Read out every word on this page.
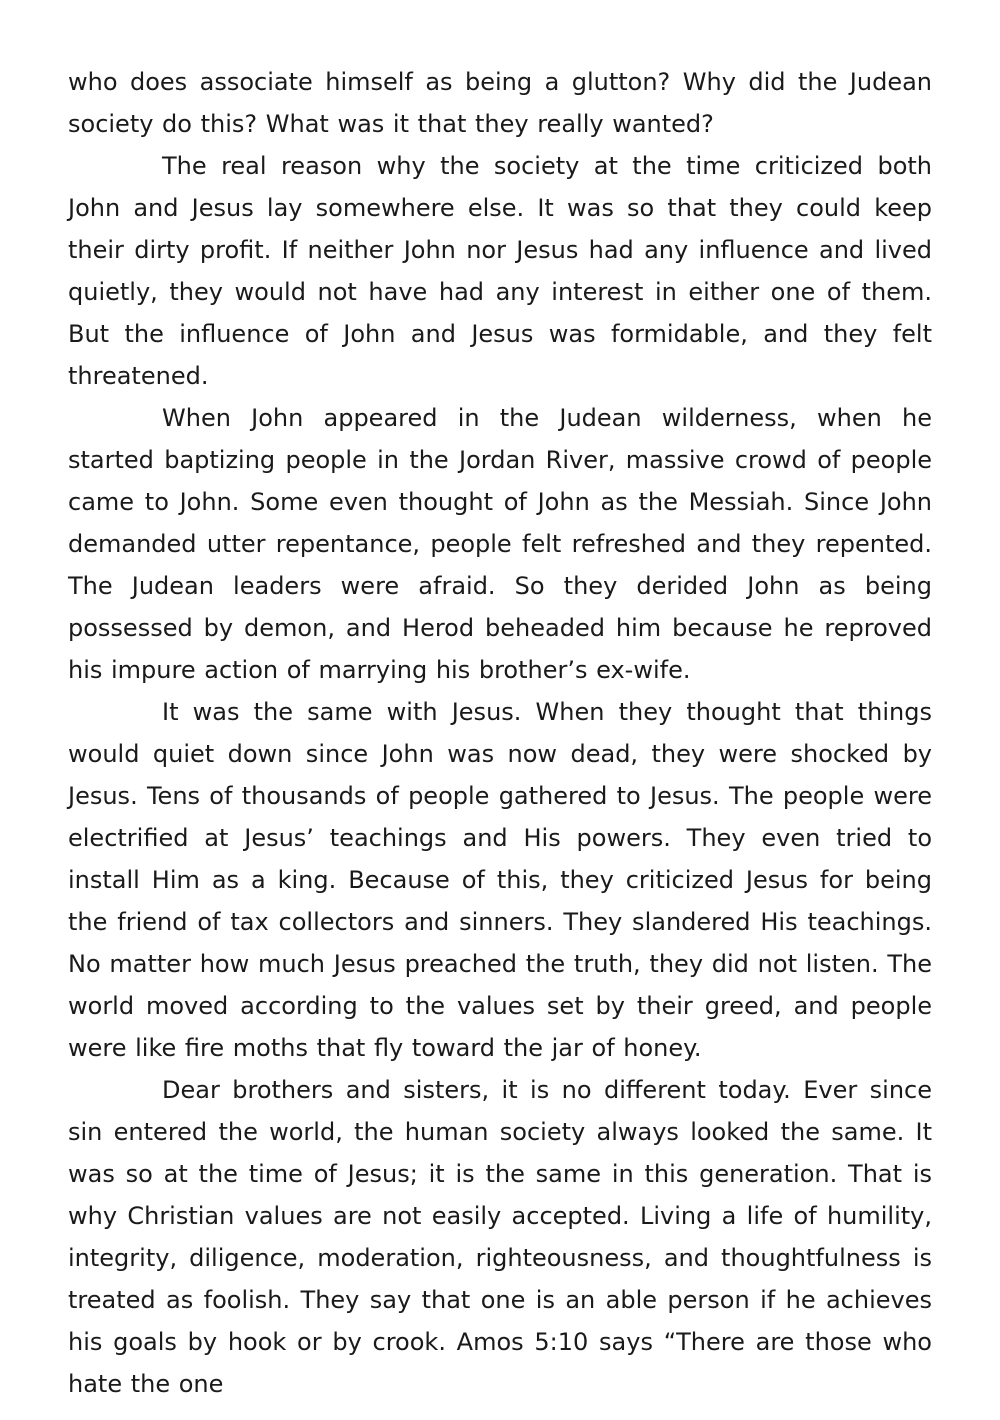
who does associate himself as being a glutton? Why did the Judean society do this? What was it that they really wanted?

The real reason why the society at the time criticized both John and Jesus lay somewhere else. It was so that they could keep their dirty profit. If neither John nor Jesus had any influence and lived quietly, they would not have had any interest in either one of them. But the influence of John and Jesus was formidable, and they felt threatened.

When John appeared in the Judean wilderness, when he started baptizing people in the Jordan River, massive crowd of people came to John. Some even thought of John as the Messiah. Since John demanded utter repentance, people felt refreshed and they repented. The Judean leaders were afraid. So they derided John as being possessed by demon, and Herod beheaded him because he reproved his impure action of marrying his brother’s ex-wife.

It was the same with Jesus. When they thought that things would quiet down since John was now dead, they were shocked by Jesus. Tens of thousands of people gathered to Jesus. The people were electrified at Jesus’ teachings and His powers. They even tried to install Him as a king. Because of this, they criticized Jesus for being the friend of tax collectors and sinners. They slandered His teachings. No matter how much Jesus preached the truth, they did not listen. The world moved according to the values set by their greed, and people were like fire moths that fly toward the jar of honey.

Dear brothers and sisters, it is no different today. Ever since sin entered the world, the human society always looked the same. It was so at the time of Jesus; it is the same in this generation. That is why Christian values are not easily accepted. Living a life of humility, integrity, diligence, moderation, righteousness, and thoughtfulness is treated as foolish. They say that one is an able person if he achieves his goals by hook or by crook. Amos 5:10 says “There are those who hate the one
